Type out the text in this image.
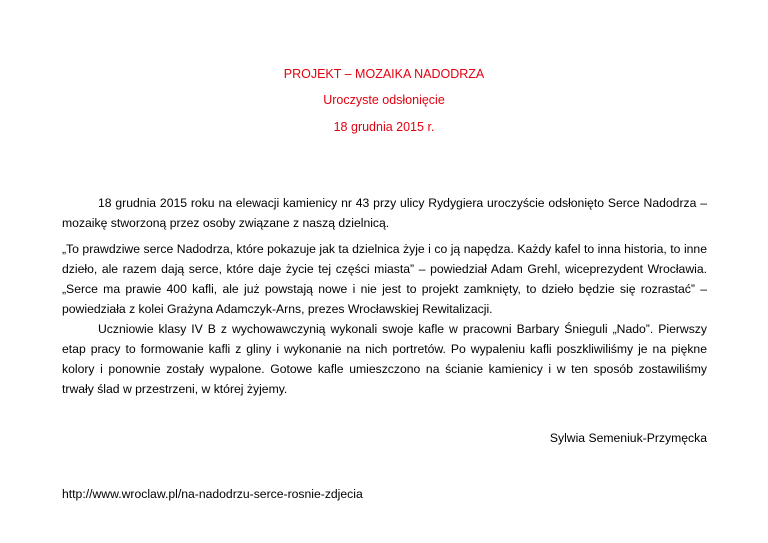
PROJEKT – MOZAIKA NADODRZA
Uroczyste odsłonięcie
18 grudnia 2015 r.

18 grudnia 2015 roku na elewacji kamienicy nr 43 przy ulicy Rydygiera uroczyście odsłonięto Serce Nadodrza – mozaikę stworzoną przez osoby związane z naszą dzielnicą.

„To prawdziwe serce Nadodrza, które pokazuje jak ta dzielnica żyje i co ją napędza. Każdy kafel to inna historia, to inne dzieło, ale razem dają serce, które daje życie tej części miasta” – powiedział Adam Grehl, wiceprezydent Wrocławia. „Serce ma prawie 400 kafli, ale już powstają nowe i nie jest to projekt zamknięty, to dzieło będzie się rozrastać” – powiedziała z kolei Grażyna Adamczyk-Arns, prezes Wrocławskiej Rewitalizacji.

Uczniowie klasy IV B z wychowawczynią wykonali swoje kafle w pracowni Barbary Śnieguli „Nado”. Pierwszy etap pracy to formowanie kafli z gliny i wykonanie na nich portretów. Po wypaleniu kafli poszkliwiliśmy je na piękne kolory i ponownie zostały wypalone. Gotowe kafle umieszczono na ścianie kamienicy i w ten sposób zostawiliśmy trwały ślad w przestrzeni, w której żyjemy.

Sylwia Semeniuk-Przymęcka
http://www.wroclaw.pl/na-nadodrzu-serce-rosnie-zdjecia
